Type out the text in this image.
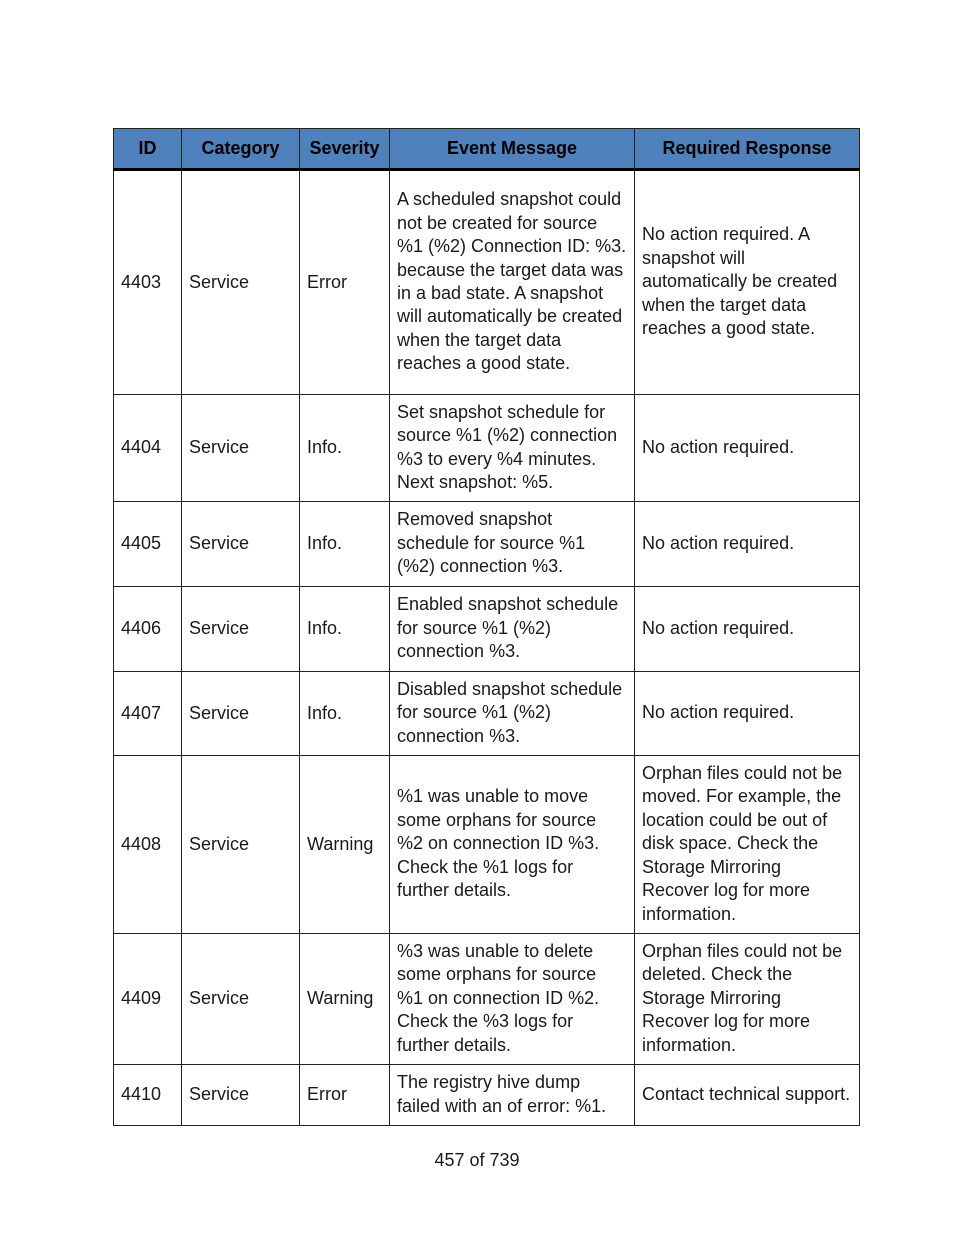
ID	Category	Severity	Event Message	Required Response
4403	Service	Error	A scheduled snapshot could not be created for source %1 (%2) Connection ID: %3. because the target data was in a bad state. A snapshot will automatically be created when the target data reaches a good state.	No action required. A snapshot will automatically be created when the target data reaches a good state.
4404	Service	Info.	Set snapshot schedule for source %1 (%2) connection %3 to every %4 minutes. Next snapshot: %5.	No action required.
4405	Service	Info.	Removed snapshot schedule for source %1 (%2) connection %3.	No action required.
4406	Service	Info.	Enabled snapshot schedule for source %1 (%2) connection %3.	No action required.
4407	Service	Info.	Disabled snapshot schedule for source %1 (%2) connection %3.	No action required.
4408	Service	Warning	%1 was unable to move some orphans for source %2 on connection ID %3. Check the %1 logs for further details.	Orphan files could not be moved. For example, the location could be out of disk space. Check the Storage Mirroring Recover log for more information.
4409	Service	Warning	%3 was unable to delete some orphans for source %1 on connection ID %2. Check the %3 logs for further details.	Orphan files could not be deleted. Check the Storage Mirroring Recover log for more information.
4410	Service	Error	The registry hive dump failed with an of error: %1.	Contact technical support.
457 of 739
